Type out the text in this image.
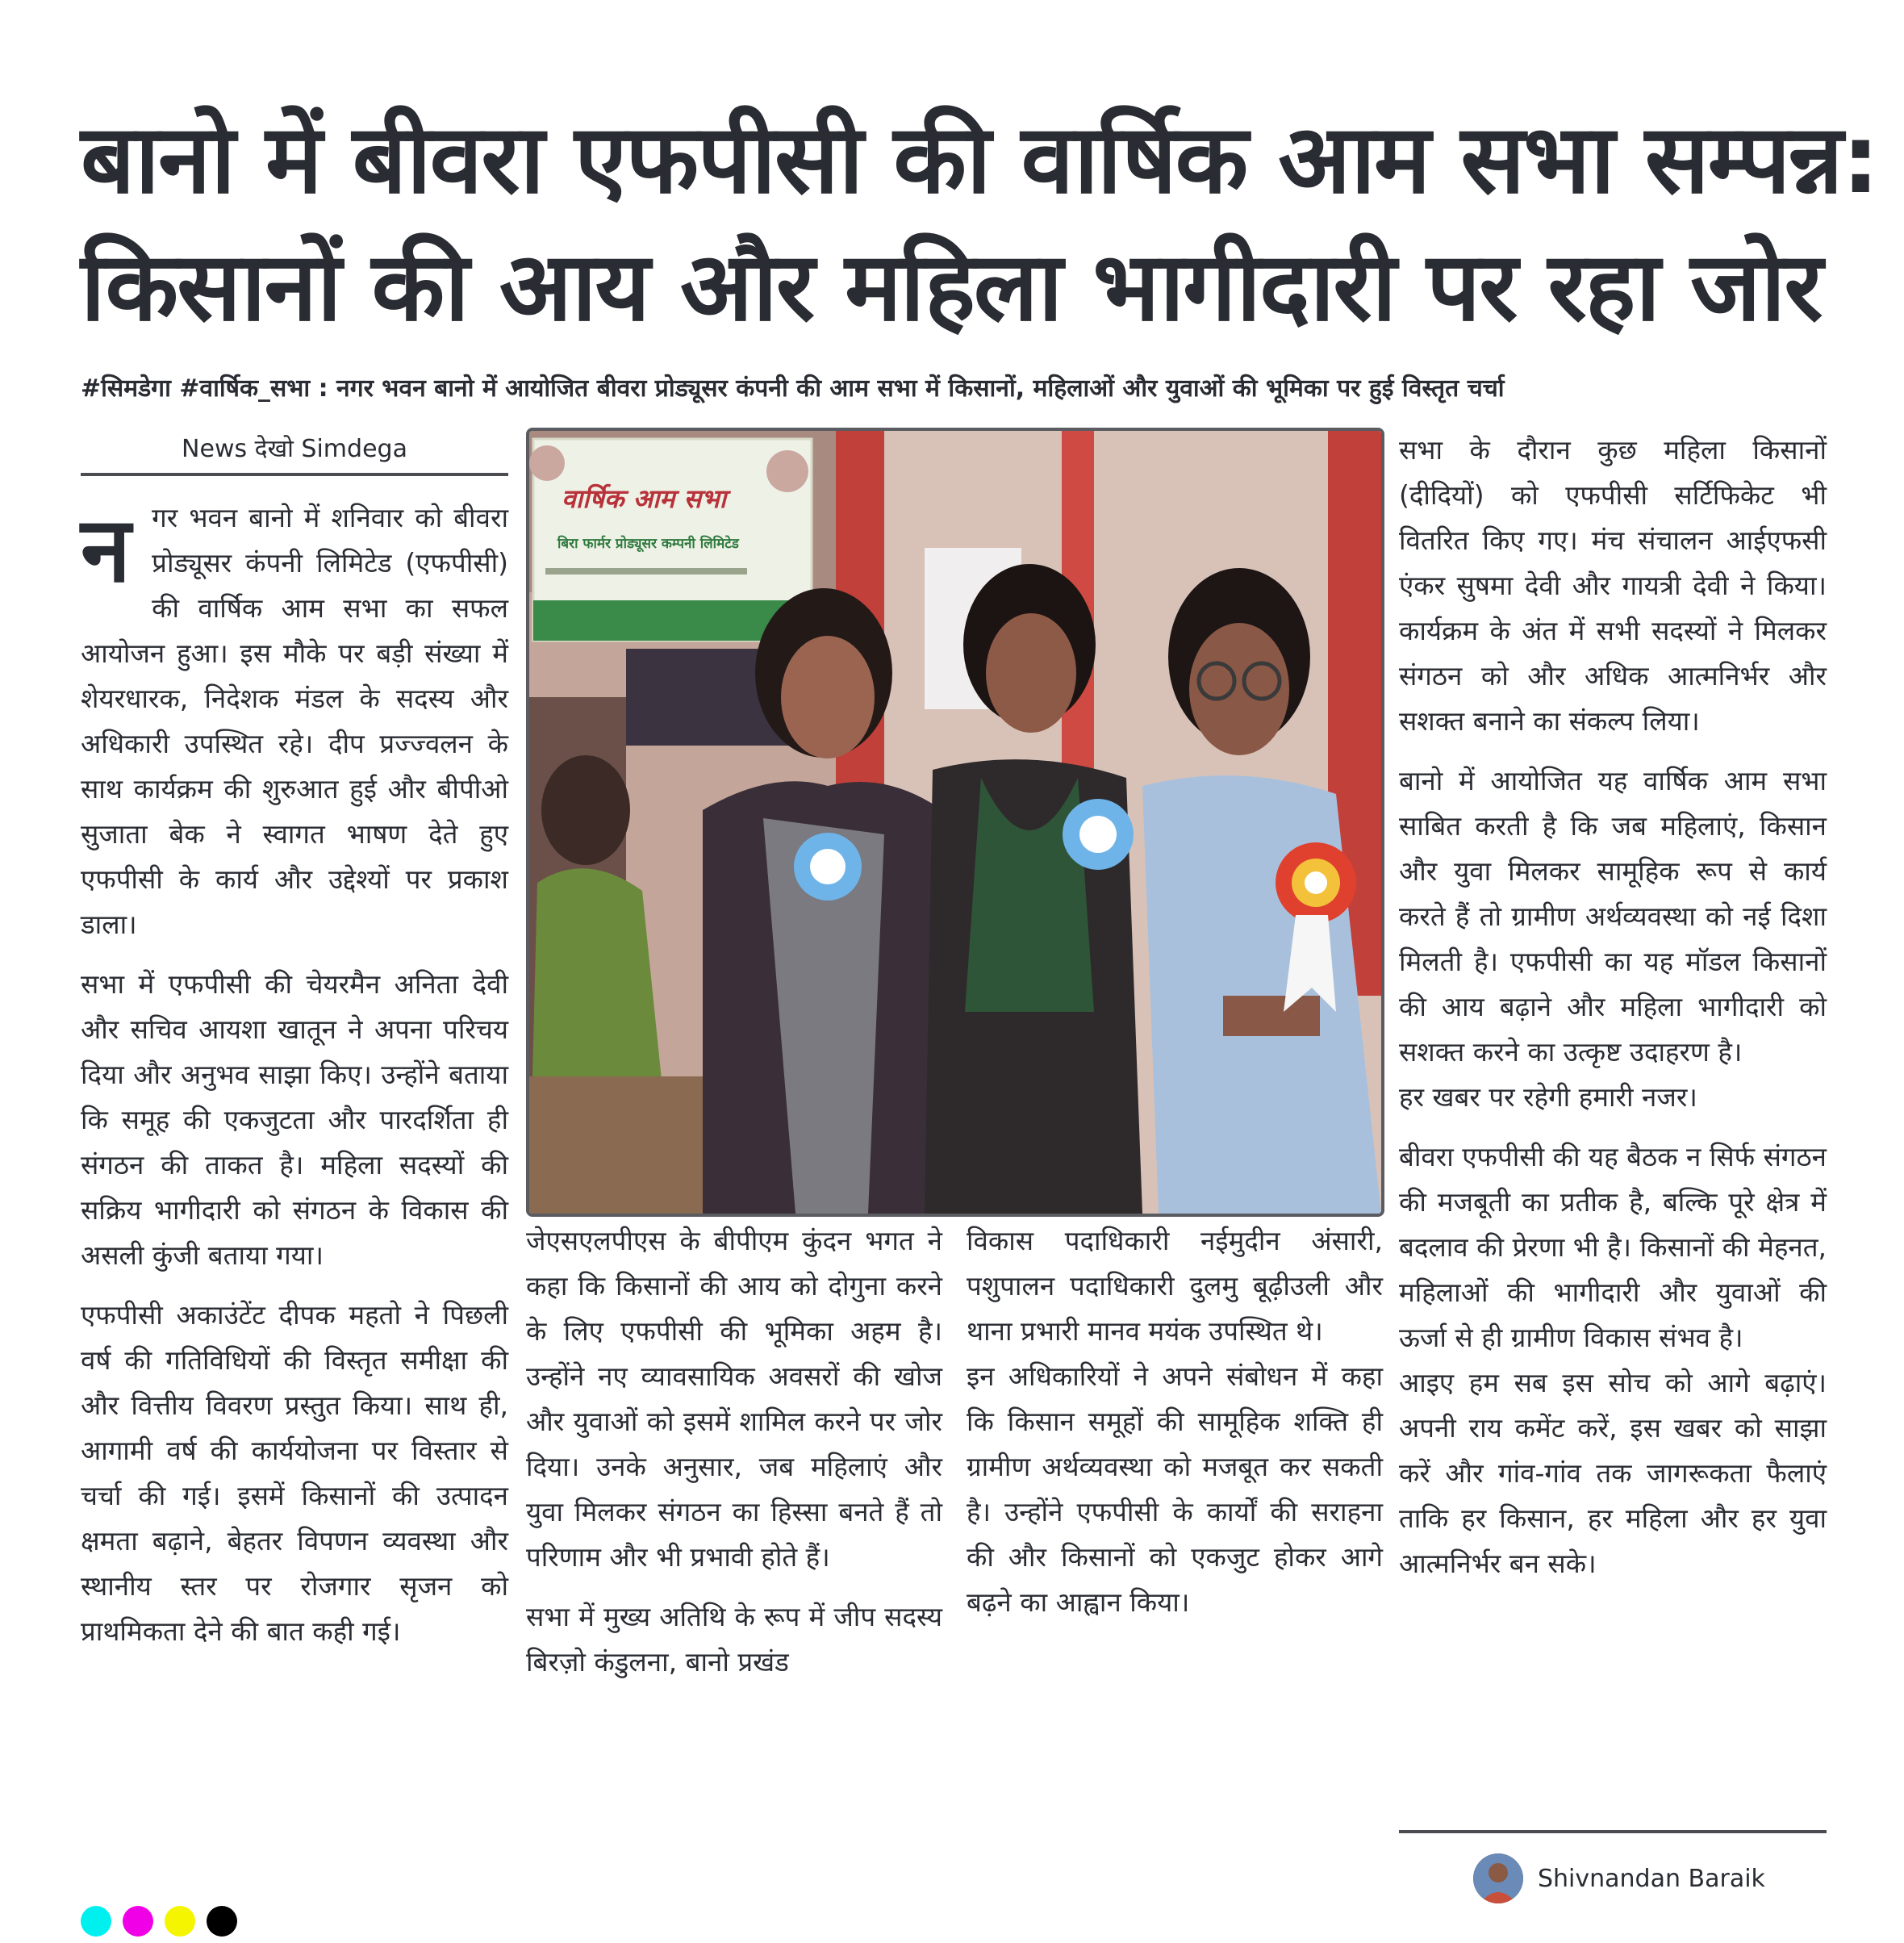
बानो में बीवरा एफपीसी की वार्षिक आम सभा सम्पन्न:
किसानों की आय और महिला भागीदारी पर रहा जोर
#सिमडेगा #वार्षिक_सभा : नगर भवन बानो में आयोजित बीवरा प्रोड्यूसर कंपनी की आम सभा में किसानों, महिलाओं और युवाओं की भूमिका पर हुई विस्तृत चर्चा
News देखो Simdega

नगर भवन बानो में शनिवार को बीवरा प्रोड्यूसर कंपनी लिमिटेड (एफपीसी) की वार्षिक आम सभा का सफल आयोजन हुआ। इस मौके पर बड़ी संख्या में शेयरधारक, निदेशक मंडल के सदस्य और अधिकारी उपस्थित रहे। दीप प्रज्ज्वलन के साथ कार्यक्रम की शुरुआत हुई और बीपीओ सुजाता बेक ने स्वागत भाषण देते हुए एफपीसी के कार्य और उद्देश्यों पर प्रकाश डाला।

सभा में एफपीसी की चेयरमैन अनिता देवी और सचिव आयशा खातून ने अपना परिचय दिया और अनुभव साझा किए। उन्होंने बताया कि समूह की एकजुटता और पारदर्शिता ही संगठन की ताकत है। महिला सदस्यों की सक्रिय भागीदारी को संगठन के विकास की असली कुंजी बताया गया।

एफपीसी अकाउंटेंट दीपक महतो ने पिछली वर्ष की गतिविधियों की विस्तृत समीक्षा की और वित्तीय विवरण प्रस्तुत किया। साथ ही, आगामी वर्ष की कार्ययोजना पर विस्तार से चर्चा की गई। इसमें किसानों की उत्पादन क्षमता बढ़ाने, बेहतर विपणन व्यवस्था और स्थानीय स्तर पर रोजगार सृजन को प्राथमिकता देने की बात कही गई।

वार्षिक आम सभा
बिरा फार्मर प्रोड्यूसर कम्पनी लिमिटेड

जेएसएलपीएस के बीपीएम कुंदन भगत ने कहा कि किसानों की आय को दोगुना करने के लिए एफपीसी की भूमिका अहम है। उन्होंने नए व्यावसायिक अवसरों की खोज और युवाओं को इसमें शामिल करने पर जोर दिया। उनके अनुसार, जब महिलाएं और युवा मिलकर संगठन का हिस्सा बनते हैं तो परिणाम और भी प्रभावी होते हैं।

सभा में मुख्य अतिथि के रूप में जीप सदस्य बिरज़ो कंडुलना, बानो प्रखंड

विकास पदाधिकारी नईमुदीन अंसारी, पशुपालन पदाधिकारी दुलमु बूढ़ीउली और थाना प्रभारी मानव मयंक उपस्थित थे।

इन अधिकारियों ने अपने संबोधन में कहा कि किसान समूहों की सामूहिक शक्ति ही ग्रामीण अर्थव्यवस्था को मजबूत कर सकती है। उन्होंने एफपीसी के कार्यों की सराहना की और किसानों को एकजुट होकर आगे बढ़ने का आह्वान किया।

सभा के दौरान कुछ महिला किसानों (दीदियों) को एफपीसी सर्टिफिकेट भी वितरित किए गए। मंच संचालन आईएफसी एंकर सुषमा देवी और गायत्री देवी ने किया। कार्यक्रम के अंत में सभी सदस्यों ने मिलकर संगठन को और अधिक आत्मनिर्भर और सशक्त बनाने का संकल्प लिया।

बानो में आयोजित यह वार्षिक आम सभा साबित करती है कि जब महिलाएं, किसान और युवा मिलकर सामूहिक रूप से कार्य करते हैं तो ग्रामीण अर्थव्यवस्था को नई दिशा मिलती है। एफपीसी का यह मॉडल किसानों की आय बढ़ाने और महिला भागीदारी को सशक्त करने का उत्कृष्ट उदाहरण है।

हर खबर पर रहेगी हमारी नजर।

बीवरा एफपीसी की यह बैठक न सिर्फ संगठन की मजबूती का प्रतीक है, बल्कि पूरे क्षेत्र में बदलाव की प्रेरणा भी है। किसानों की मेहनत, महिलाओं की भागीदारी और युवाओं की ऊर्जा से ही ग्रामीण विकास संभव है।

आइए हम सब इस सोच को आगे बढ़ाएं। अपनी राय कमेंट करें, इस खबर को साझा करें और गांव-गांव तक जागरूकता फैलाएं ताकि हर किसान, हर महिला और हर युवा आत्मनिर्भर बन सके।

Shivnandan Baraik
